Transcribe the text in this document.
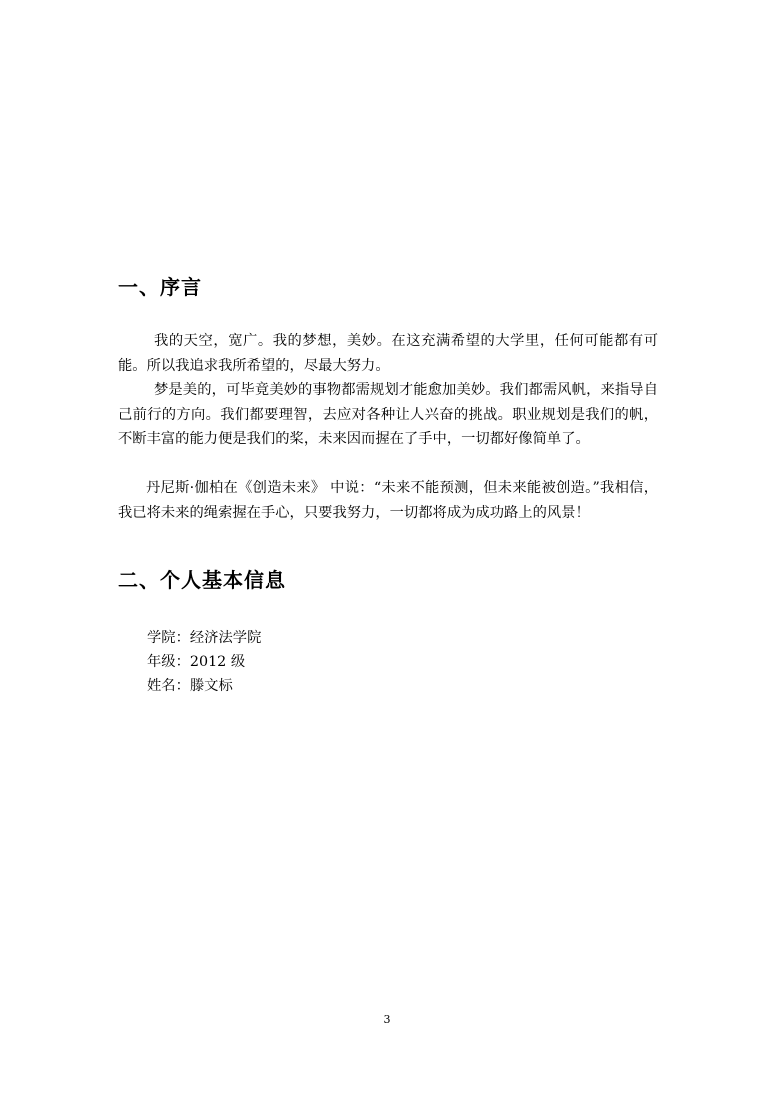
一、序言

我的天空，宽广。我的梦想，美妙。在这充满希望的大学里，任何可能都有可能。所以我追求我所希望的，尽最大努力。

梦是美的，可毕竟美妙的事物都需规划才能愈加美妙。我们都需风帆，来指导自己前行的方向。我们都要理智，去应对各种让人兴奋的挑战。职业规划是我们的帆，不断丰富的能力便是我们的桨，未来因而握在了手中，一切都好像简单了。

丹尼斯·伽柏在《创造未来》 中说：“未来不能预测，但未来能被创造。”我相信，我已将未来的绳索握在手心，只要我努力，一切都将成为成功路上的风景！

二、个人基本信息
学院：经济法学院
年级：2012 级
姓名：滕文标
3
